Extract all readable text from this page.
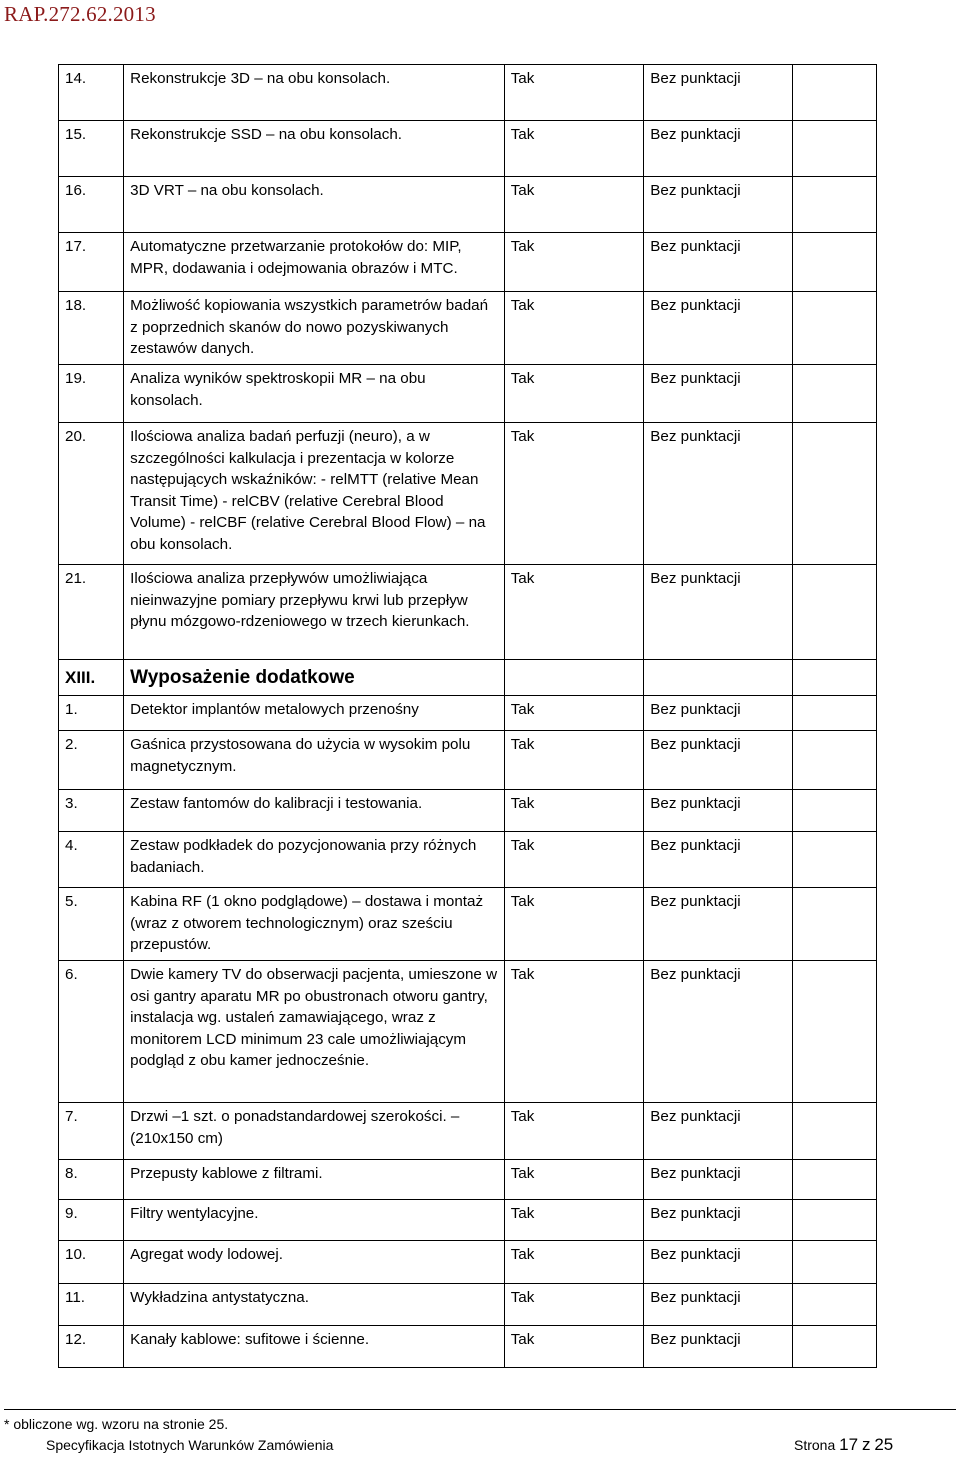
RAP.272.62.2013
14.	Rekonstrukcje 3D – na obu konsolach.	Tak	Bez punktacji	
15.	Rekonstrukcje SSD – na obu konsolach.	Tak	Bez punktacji	
16.	3D VRT – na obu konsolach.	Tak	Bez punktacji	
17.	Automatyczne przetwarzanie protokołów do: MIP, MPR, dodawania i odejmowania obrazów i MTC.	Tak	Bez punktacji	
18.	Możliwość kopiowania wszystkich parametrów badań z poprzednich skanów do nowo pozyskiwanych zestawów danych.	Tak	Bez punktacji	
19.	Analiza wyników spektroskopii MR – na obu konsolach.	Tak	Bez punktacji	
20.	Ilościowa analiza badań perfuzji (neuro), a w szczególności kalkulacja i prezentacja w kolorze następujących wskaźników: - relMTT (relative Mean Transit Time) - relCBV (relative Cerebral Blood Volume) - relCBF (relative Cerebral Blood Flow) – na obu konsolach.	Tak	Bez punktacji	
21.	Ilościowa analiza przepływów umożliwiająca nieinwazyjne pomiary przepływu krwi lub przepływ płynu mózgowo-rdzeniowego w trzech kierunkach.	Tak	Bez punktacji	
XIII.	Wyposażenie dodatkowe			
1.	Detektor implantów metalowych przenośny	Tak	Bez punktacji	
2.	Gaśnica przystosowana do użycia w wysokim polu magnetycznym.	Tak	Bez punktacji	
3.	Zestaw fantomów do kalibracji i testowania.	Tak	Bez punktacji	
4.	Zestaw podkładek do pozycjonowania przy różnych badaniach.	Tak	Bez punktacji	
5.	Kabina RF (1 okno podglądowe) – dostawa i montaż (wraz z otworem technologicznym) oraz sześciu przepustów.	Tak	Bez punktacji	
6.	Dwie kamery TV do obserwacji pacjenta, umieszone w osi gantry aparatu MR po obustronach otworu gantry, instalacja wg. ustaleń zamawiającego, wraz z monitorem LCD minimum 23 cale umożliwiającym podgląd z obu kamer jednocześnie.	Tak	Bez punktacji	
7.	Drzwi –1 szt. o ponadstandardowej szerokości. – (210x150 cm)	Tak	Bez punktacji	
8.	Przepusty kablowe z filtrami.	Tak	Bez punktacji	
9.	Filtry wentylacyjne.	Tak	Bez punktacji	
10.	Agregat wody lodowej.	Tak	Bez punktacji	
11.	Wykładzina antystatyczna.	Tak	Bez punktacji	
12.	Kanały kablowe: sufitowe i ścienne.	Tak	Bez punktacji	
* obliczone wg. wzoru na stronie 25.
Specyfikacja Istotnych Warunków Zamówienia	Strona 17 z 25
